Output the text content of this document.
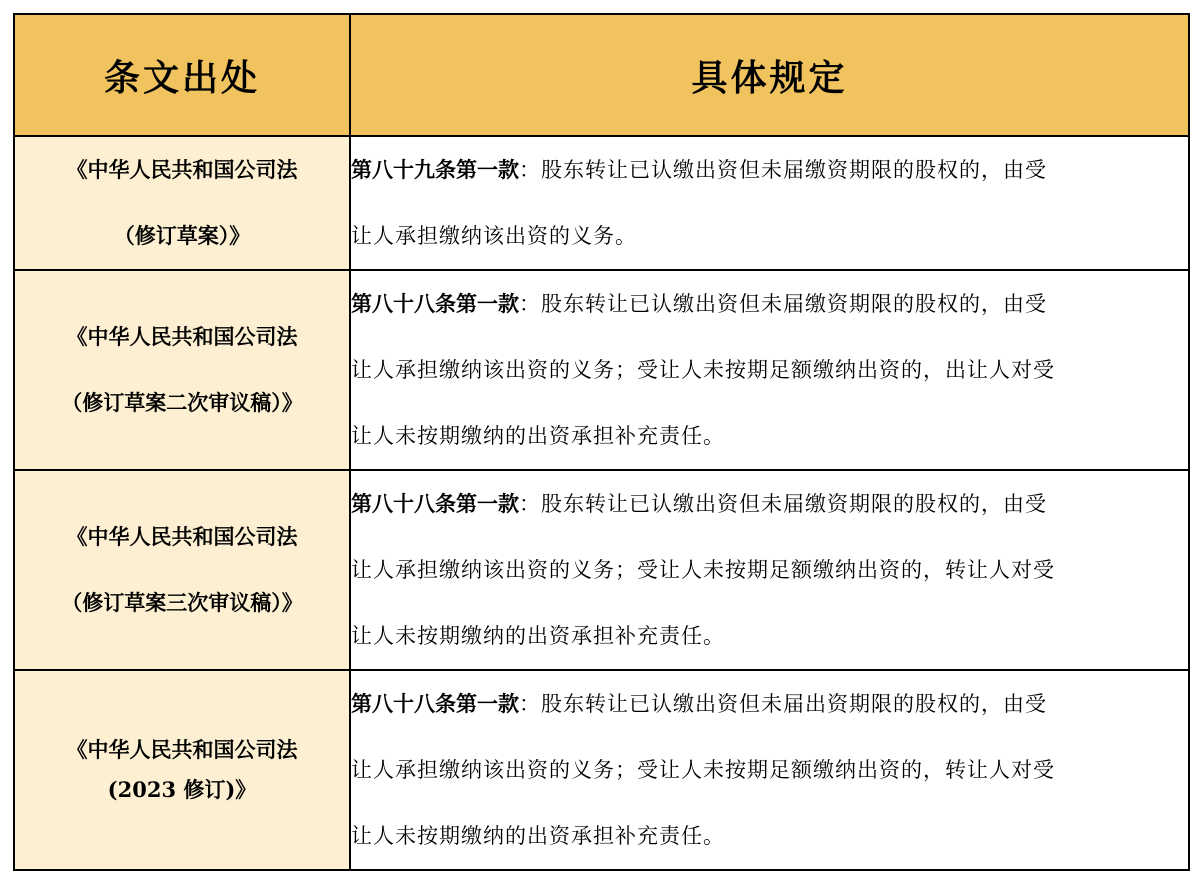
条文出处	具体规定

《中华人民共和国公司法
（修订草案）》	第八十九条第一款：股东转让已认缴出资但未届缴资期限的股权的，由受
让人承担缴纳该出资的义务。

《中华人民共和国公司法
（修订草案二次审议稿）》	第八十八条第一款：股东转让已认缴出资但未届缴资期限的股权的，由受
让人承担缴纳该出资的义务；受让人未按期足额缴纳出资的，出让人对受
让人未按期缴纳的出资承担补充责任。

《中华人民共和国公司法
（修订草案三次审议稿）》	第八十八条第一款：股东转让已认缴出资但未届缴资期限的股权的，由受
让人承担缴纳该出资的义务；受让人未按期足额缴纳出资的，转让人对受
让人未按期缴纳的出资承担补充责任。

《中华人民共和国公司法
(2023 修订)》	第八十八条第一款：股东转让已认缴出资但未届出资期限的股权的，由受
让人承担缴纳该出资的义务；受让人未按期足额缴纳出资的，转让人对受
让人未按期缴纳的出资承担补充责任。
